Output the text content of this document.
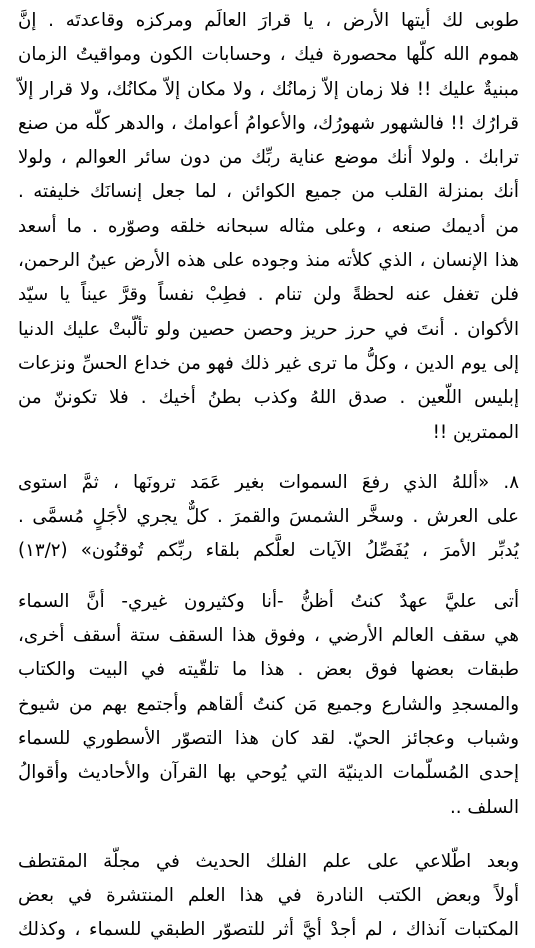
طوبى لك أيتها الأرض ، يا قرارَ العالَم ومركزه وقاعدتَه . إنَّ
هموم الله كلّها محصورة فيك ، وحسابات الكون ومواقيتُ الزمان
مبنيةٌ عليك !! فلا زمان إلاّ زمانُك ، ولا مكان إلاّ مكانُك، ولا قرار إلاّ
قرارُك !! فالشهور شهورُك، والأعوامُ أعوامك ، والدهر كلّه من صنع
ترابك . ولولا أنك موضع عناية ربِّك من دون سائر العوالم ، ولولا
أنك بمنزلة القلب من جميع الكوائن ، لما جعل إنسانَك خليفته .
من أديمك صنعه ، وعلى مثاله سبحانه خلقه وصوّره . ما أسعد
هذا الإنسان ، الذي كلأته منذ وجوده على هذه الأرض عينُ الرحمن،
فلن تغفل عنه لحظةً ولن تنام . فطِبْ نفساً وقرَّ عيناً يا سيّد
الأكوان . أنتَ في حرز حريز وحصن حصين ولو تألّبتْ عليك الدنيا
إلى يوم الدين ، وكلُّ ما ترى غير ذلك فهو من خداع الحسِّ ونزعات
إبليس اللّعين . صدق اللهُ وكذب بطنُ أخيك . فلا تكوننّ من
الممترين !!
٨. «أللهُ الذي رفعَ السموات بغير عَمَد ترونَها ، ثمَّ استوى
على العرش . وسخَّر الشمسَ والقمرَ . كلٌّ يجري لأجَلٍ مُسمَّى .
يُدبِّر الأمرَ ، يُفَصِّلُ الآيات لعلَّكم بلقاء ربِّكم تُوقنُون» (١٣/٢)
أتى عليَّ عهدٌ كنتُ أظنُّ -أنا وكثيرون غيري- أنَّ السماء
هي سقف العالم الأرضي ، وفوق هذا السقف ستة أسقف أخرى،
طبقات بعضها فوق بعض . هذا ما تلقّيته في البيت والكتاب
والمسجدِ والشارع وجميع مَن كنتُ ألقاهم وأجتمع بهم من شيوخ
وشباب وعجائز الحيّ. لقد كان هذا التصوّر الأسطوري للسماء
إحدى المُسلّمات الدينيّة التي يُوحي بها القرآن والأحاديث وأقوالُ
السلف ..
وبعد اطّلاعي على علم الفلك الحديث في مجلّة المقتطف
أولاً وبعض الكتب النادرة في هذا العلم المنتشرة في بعض
المكتبات آنذاك ، لم أجدْ أيَّ أثر للتصوّر الطبقي للسماء ، وكذلك
